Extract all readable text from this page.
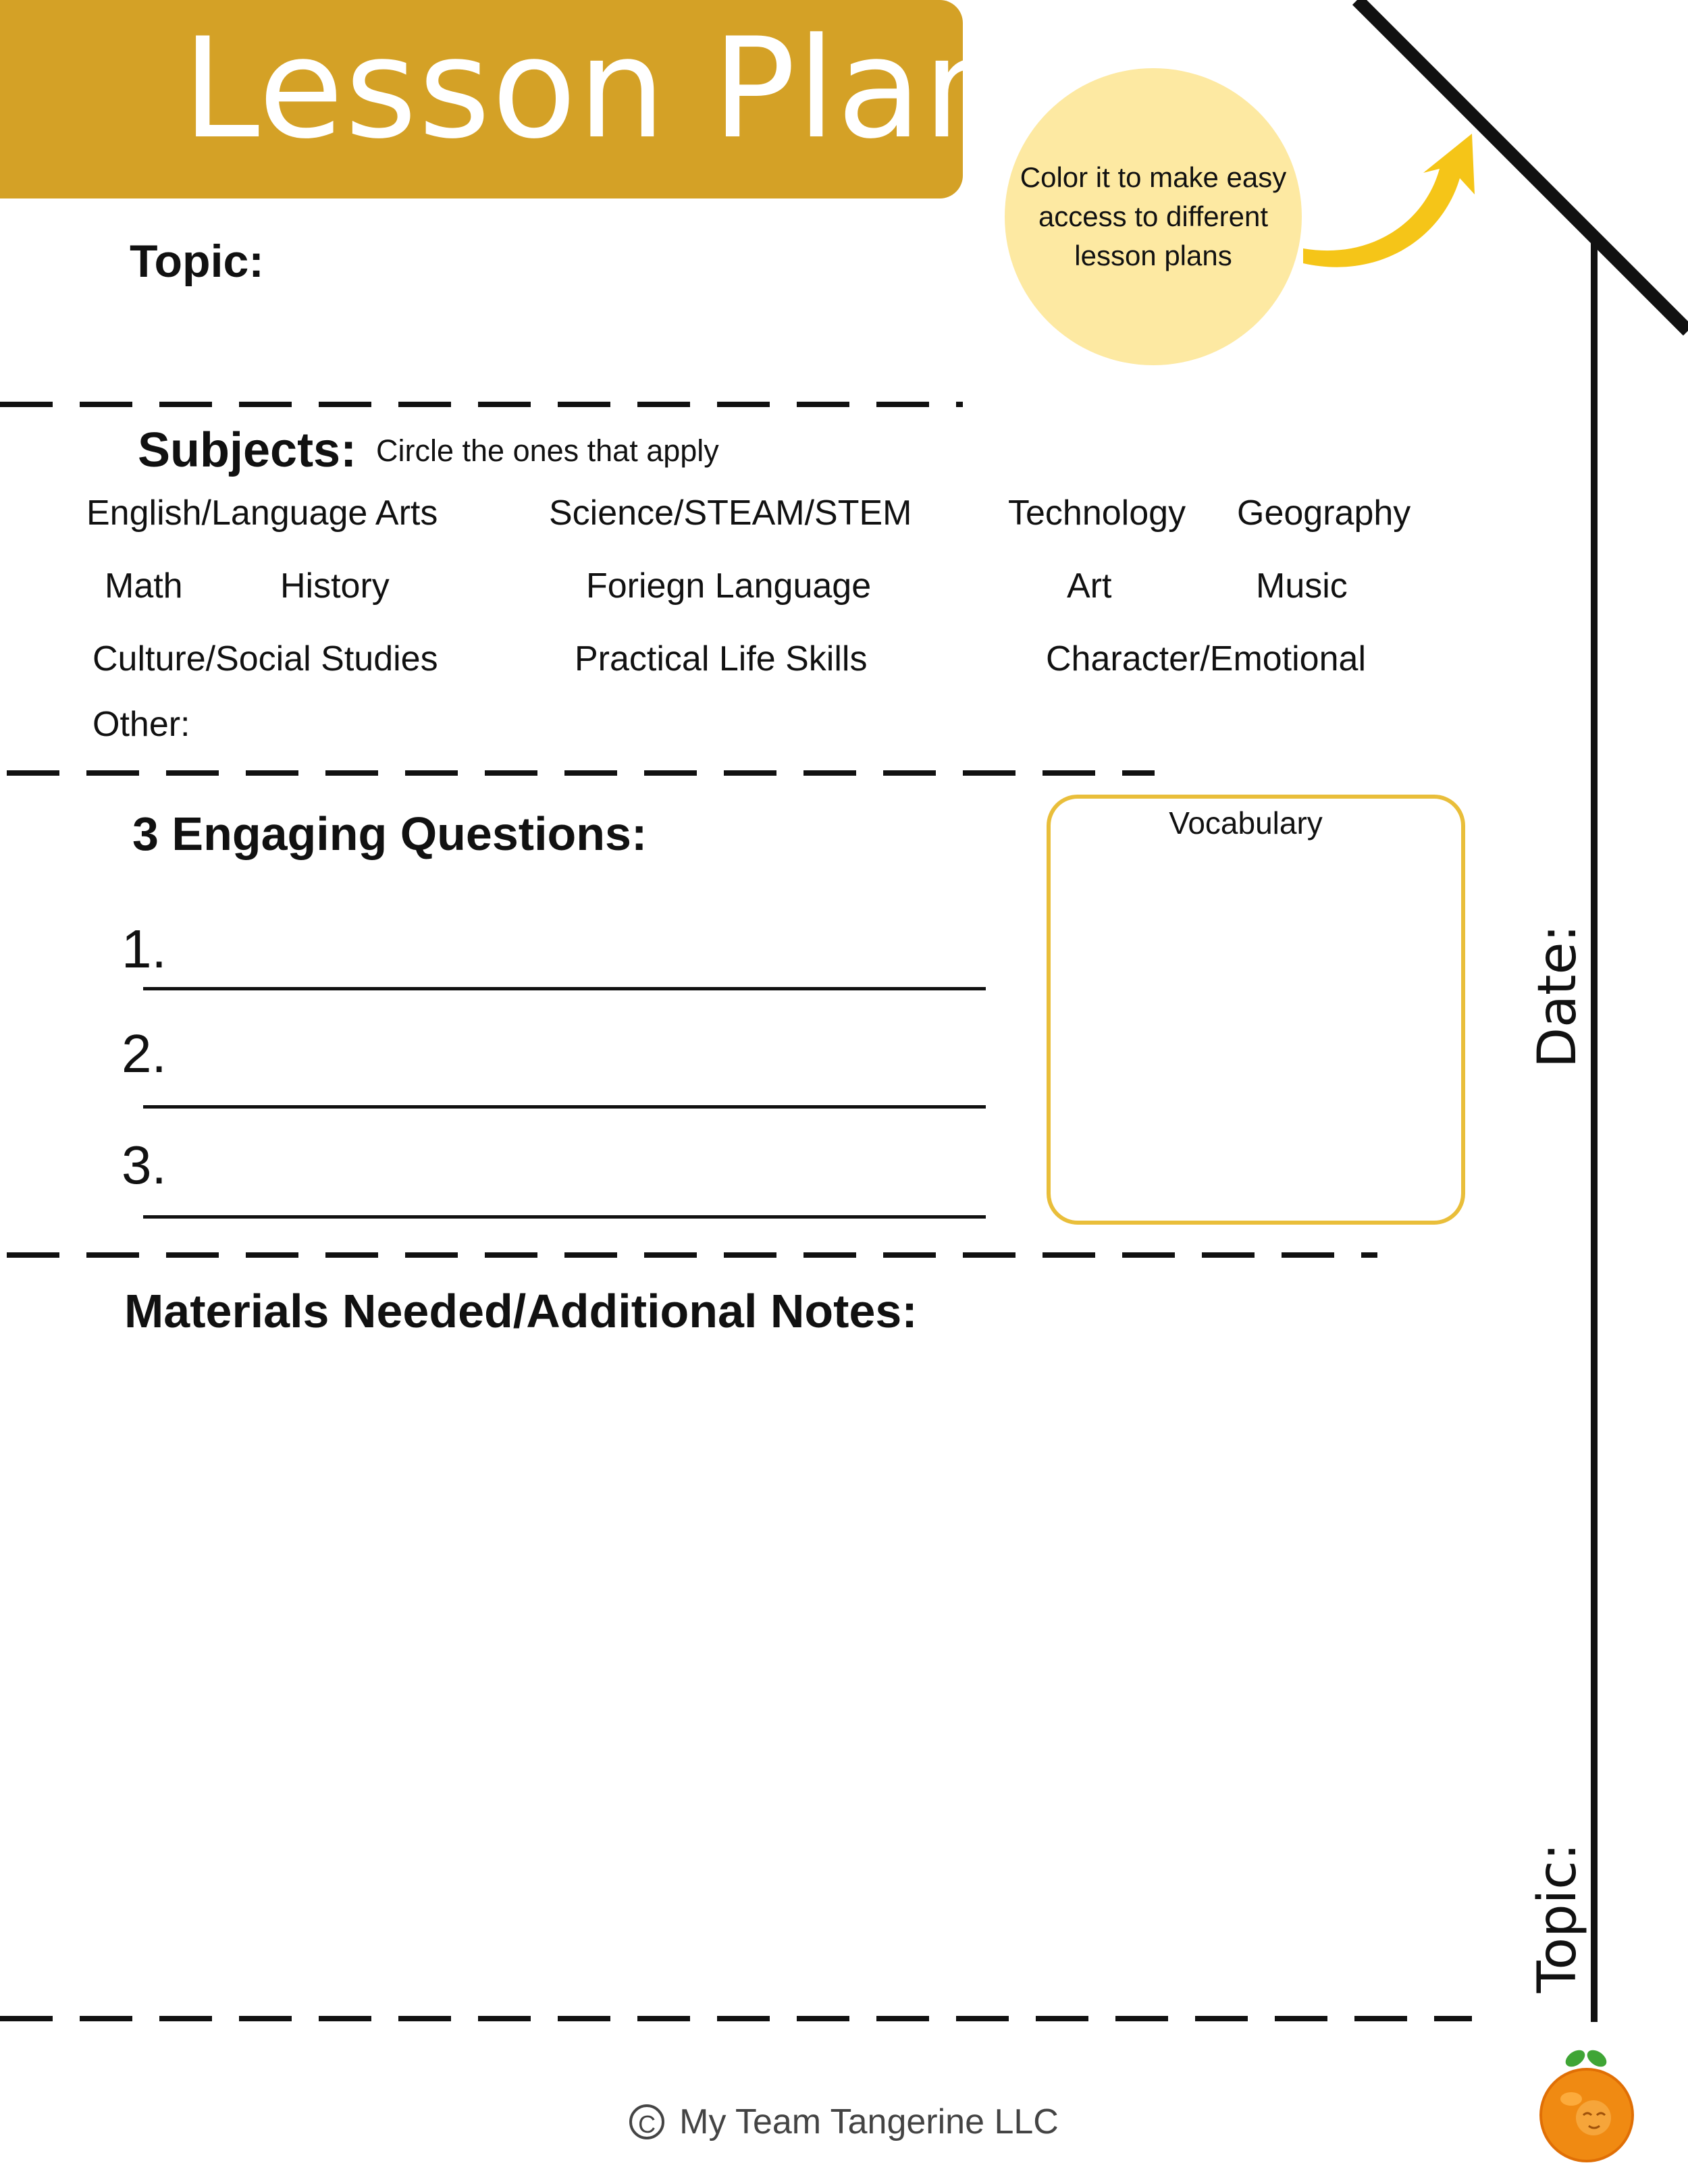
Lesson Plan
Color it to make easy
access to different
lesson plans
Topic:
Subjects: Circle the ones that apply
English/Language Arts	Science/STEAM/STEM	Technology Geography
Math	History	Foriegn Language	Art	Music
Culture/Social Studies	Practical Life Skills	Character/Emotional
Other:
3 Engaging Questions:
1.
2.
3.
Vocabulary
Materials Needed/Additional Notes:
Date:
Topic:
C My Team Tangerine LLC
